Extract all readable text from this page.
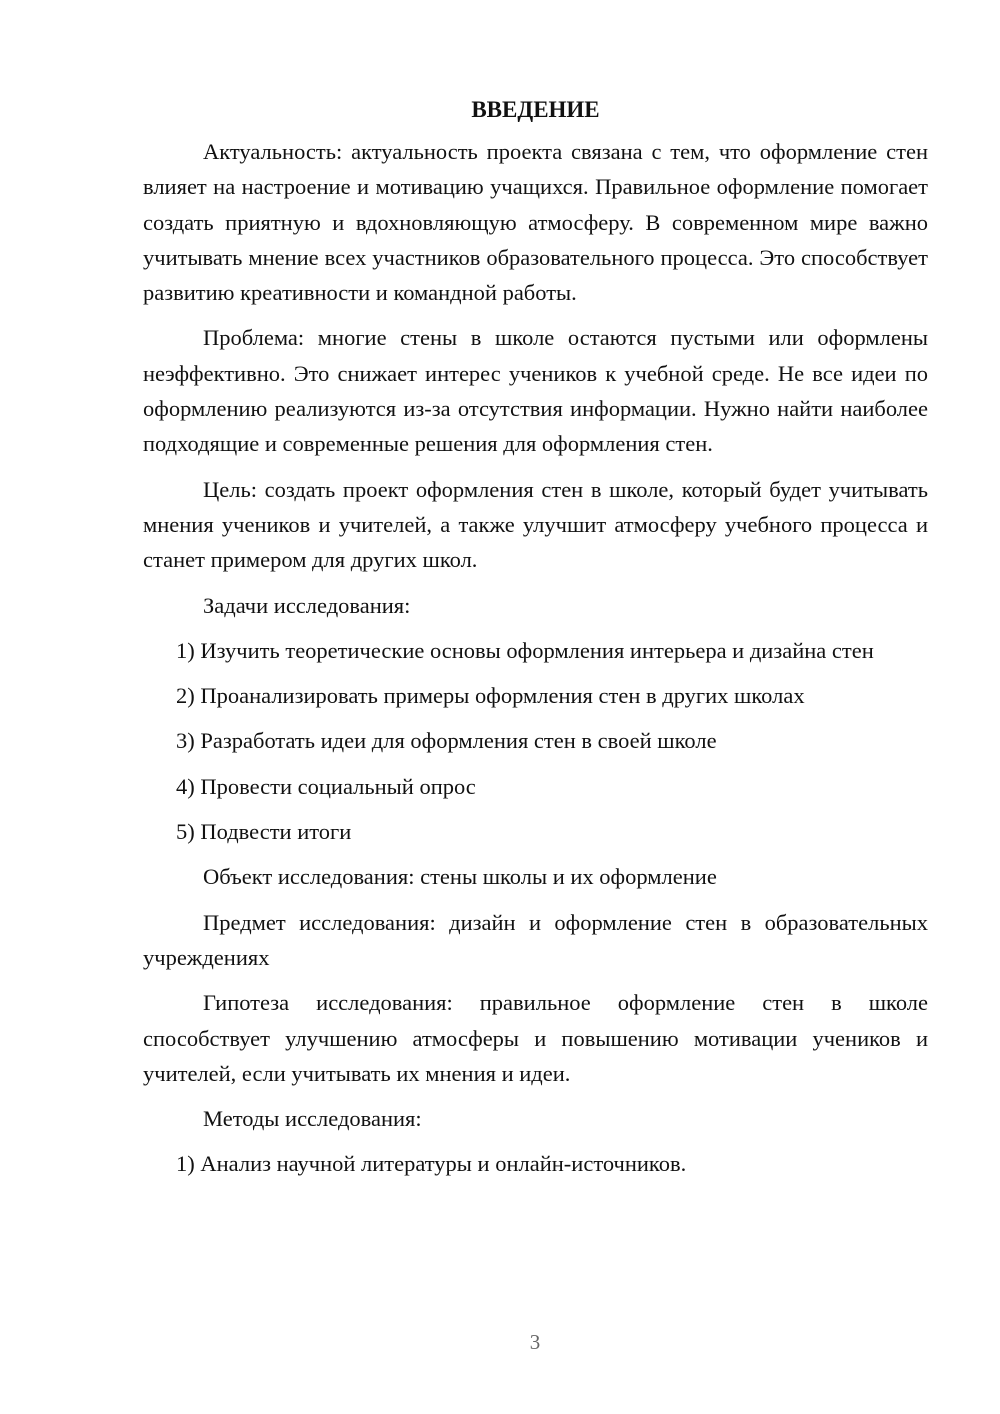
ВВЕДЕНИЕ

Актуальность: актуальность проекта связана с тем, что оформление стен влияет на настроение и мотивацию учащихся. Правильное оформление помогает создать приятную и вдохновляющую атмосферу. В современном мире важно учитывать мнение всех участников образовательного процесса. Это способствует развитию креативности и командной работы.

Проблема: многие стены в школе остаются пустыми или оформлены неэффективно. Это снижает интерес учеников к учебной среде. Не все идеи по оформлению реализуются из-за отсутствия информации. Нужно найти наиболее подходящие и современные решения для оформления стен.

Цель: создать проект оформления стен в школе, который будет учитывать мнения учеников и учителей, а также улучшит атмосферу учебного процесса и станет примером для других школ.

Задачи исследования:

1) Изучить теоретические основы оформления интерьера и дизайна стен

2) Проанализировать примеры оформления стен в других школах

3) Разработать идеи для оформления стен в своей школе

4) Провести социальный опрос

5) Подвести итоги

Объект исследования: стены школы и их оформление

Предмет исследования: дизайн и оформление стен в образовательных учреждениях

Гипотеза исследования: правильное оформление стен в школе способствует улучшению атмосферы и повышению мотивации учеников и учителей, если учитывать их мнения и идеи.

Методы исследования:

1) Анализ научной литературы и онлайн-источников.

3
